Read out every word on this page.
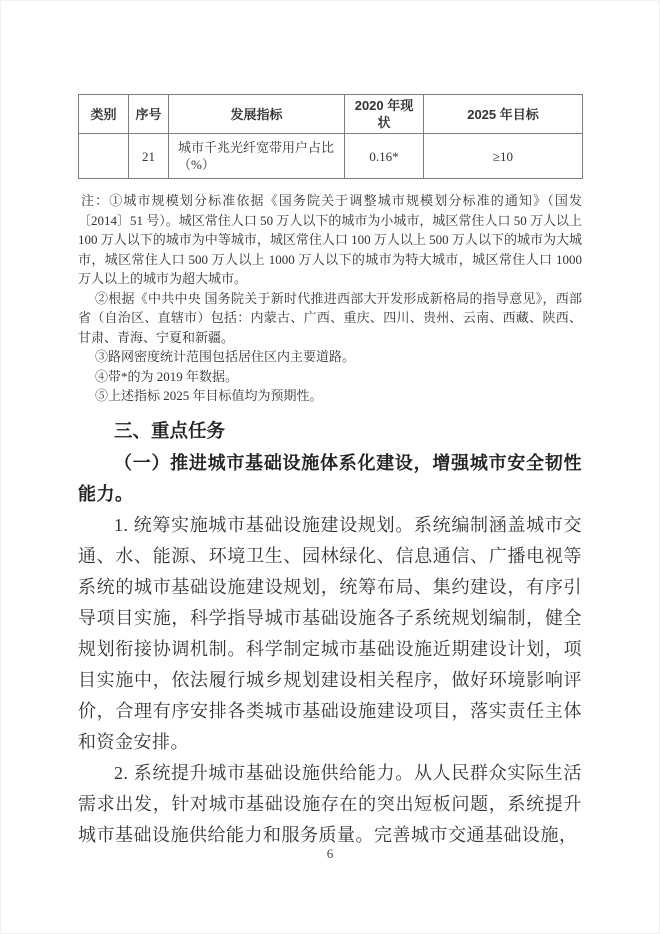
类别	序号	发展指标	2020 年现状	2025 年目标
	21	城市千兆光纤宽带用户占比（%）	0.16*	≥10

注：①城市规模划分标准依据《国务院关于调整城市规模划分标准的通知》（国发〔2014〕51 号）。城区常住人口 50 万人以下的城市为小城市，城区常住人口 50 万人以上 100 万人以下的城市为中等城市，城区常住人口 100 万人以上 500 万人以下的城市为大城市，城区常住人口 500 万人以上 1000 万人以下的城市为特大城市，城区常住人口 1000 万人以上的城市为超大城市。

②根据《中共中央 国务院关于新时代推进西部大开发形成新格局的指导意见》，西部省（自治区、直辖市）包括：内蒙古、广西、重庆、四川、贵州、云南、西藏、陕西、甘肃、青海、宁夏和新疆。

③路网密度统计范围包括居住区内主要道路。

④带*的为 2019 年数据。

⑤上述指标 2025 年目标值均为预期性。

三、重点任务

（一）推进城市基础设施体系化建设，增强城市安全韧性能力。

1. 统筹实施城市基础设施建设规划。系统编制涵盖城市交通、水、能源、环境卫生、园林绿化、信息通信、广播电视等系统的城市基础设施建设规划，统筹布局、集约建设，有序引导项目实施，科学指导城市基础设施各子系统规划编制，健全规划衔接协调机制。科学制定城市基础设施近期建设计划，项目实施中，依法履行城乡规划建设相关程序，做好环境影响评价，合理有序安排各类城市基础设施建设项目，落实责任主体和资金安排。

2. 系统提升城市基础设施供给能力。从人民群众实际生活需求出发，针对城市基础设施存在的突出短板问题，系统提升城市基础设施供给能力和服务质量。完善城市交通基础设施，

6
